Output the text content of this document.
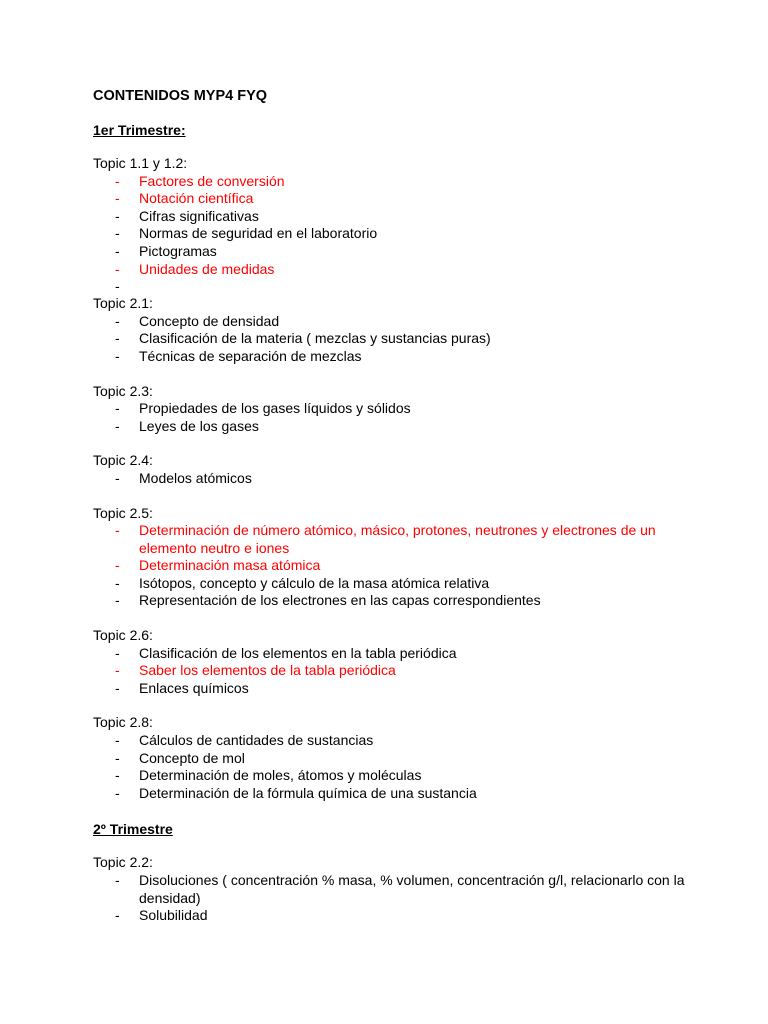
CONTENIDOS MYP4 FYQ
1er Trimestre:
Topic 1.1 y 1.2:
- Factores de conversión
- Notación científica
- Cifras significativas
- Normas de seguridad en el laboratorio
- Pictogramas
- Unidades de medidas
-
Topic 2.1:
- Concepto de densidad
- Clasificación de la materia ( mezclas y sustancias puras)
- Técnicas de separación de mezclas
Topic 2.3:
- Propiedades de los gases líquidos y sólidos
- Leyes de los gases
Topic 2.4:
- Modelos atómicos
Topic 2.5:
- Determinación de número atómico, másico, protones, neutrones y electrones de un elemento neutro e iones
- Determinación masa atómica
- Isótopos, concepto y cálculo de la masa atómica relativa
- Representación de los electrones en las capas correspondientes
Topic 2.6:
- Clasificación de los elementos en la tabla periódica
- Saber los elementos de la tabla periódica
- Enlaces químicos
Topic 2.8:
- Cálculos de cantidades de sustancias
- Concepto de mol
- Determinación de moles, átomos y moléculas
- Determinación de la fórmula química de una sustancia
2º Trimestre
Topic 2.2:
- Disoluciones ( concentración % masa, % volumen, concentración g/l, relacionarlo con la densidad)
- Solubilidad
